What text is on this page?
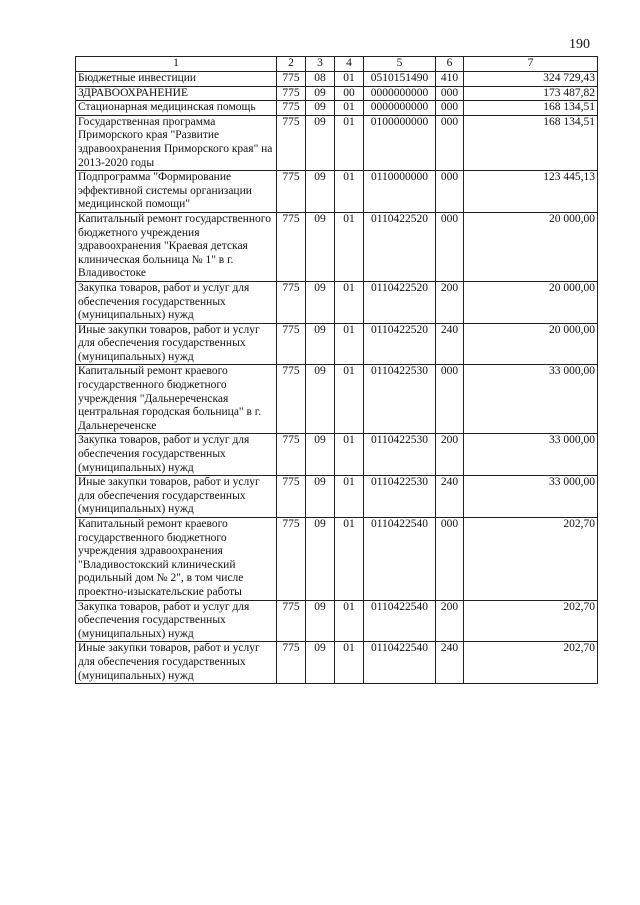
190
1	2	3	4	5	6	7
Бюджетные инвестиции	775	08	01	0510151490	410	324 729,43
ЗДРАВООХРАНЕНИЕ	775	09	00	0000000000	000	173 487,82
Стационарная медицинская помощь	775	09	01	0000000000	000	168 134,51
Государственная программа Приморского края "Развитие здравоохранения Приморского края" на 2013-2020 годы	775	09	01	0100000000	000	168 134,51
Подпрограмма "Формирование эффективной системы организации медицинской помощи"	775	09	01	0110000000	000	123 445,13
Капитальный ремонт государственного бюджетного учреждения здравоохранения "Краевая детская клиническая больница № 1" в г. Владивостоке	775	09	01	0110422520	000	20 000,00
Закупка товаров, работ и услуг для обеспечения государственных (муниципальных) нужд	775	09	01	0110422520	200	20 000,00
Иные закупки товаров, работ и услуг для обеспечения государственных (муниципальных) нужд	775	09	01	0110422520	240	20 000,00
Капитальный ремонт краевого государственного бюджетного учреждения "Дальнереченская центральная городская больница" в г. Дальнереченске	775	09	01	0110422530	000	33 000,00
Закупка товаров, работ и услуг для обеспечения государственных (муниципальных) нужд	775	09	01	0110422530	200	33 000,00
Иные закупки товаров, работ и услуг для обеспечения государственных (муниципальных) нужд	775	09	01	0110422530	240	33 000,00
Капитальный ремонт краевого государственного бюджетного учреждения здравоохранения "Владивостокский клинический родильный дом № 2", в том числе проектно-изыскательские работы	775	09	01	0110422540	000	202,70
Закупка товаров, работ и услуг для обеспечения государственных (муниципальных) нужд	775	09	01	0110422540	200	202,70
Иные закупки товаров, работ и услуг для обеспечения государственных (муниципальных) нужд	775	09	01	0110422540	240	202,70
